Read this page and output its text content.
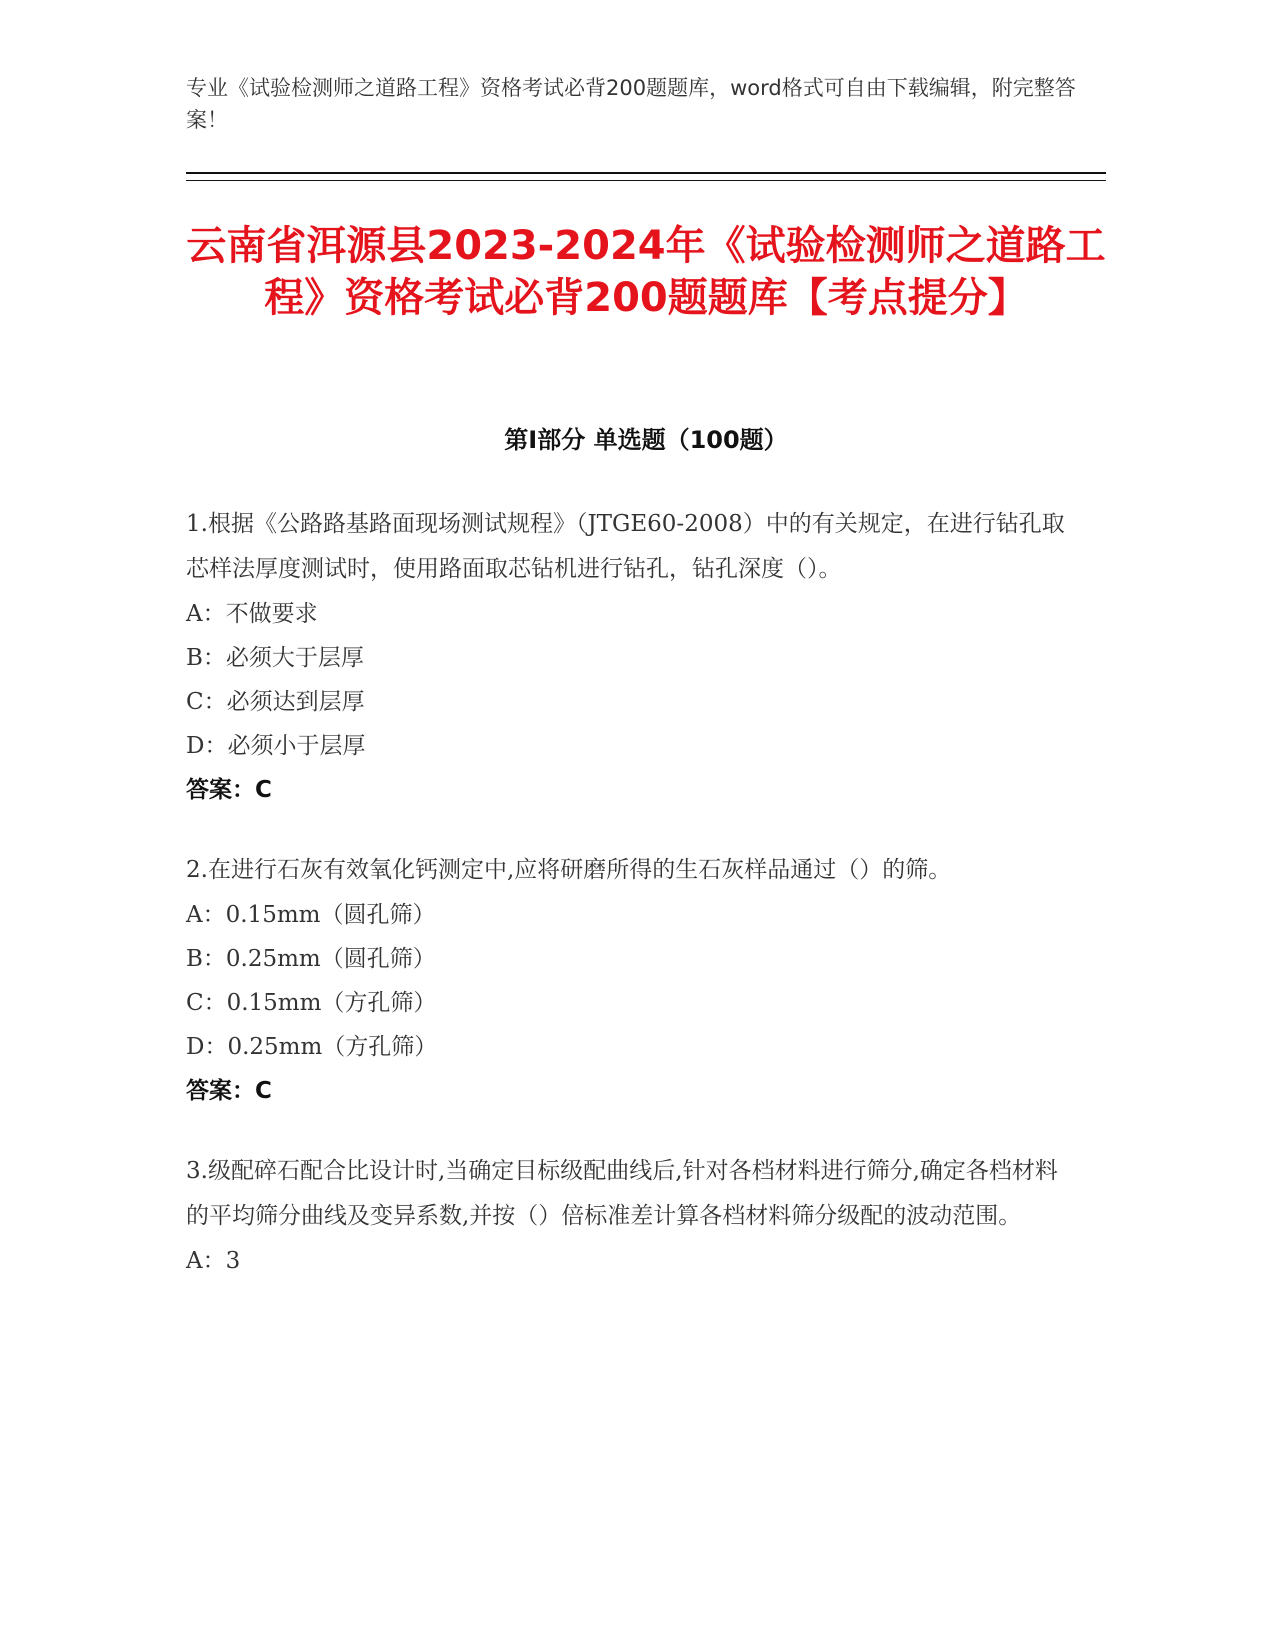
专业《试验检测师之道路工程》资格考试必背200题题库，word格式可自由下载编辑，附完整答案！
云南省洱源县2023-2024年《试验检测师之道路工程》资格考试必背200题题库【考点提分】
第I部分 单选题（100题）

1.根据《公路路基路面现场测试规程》（JTGE60-2008）中的有关规定，在进行钻孔取芯样法厚度测试时，使用路面取芯钻机进行钻孔，钻孔深度（）。

A：不做要求

B：必须大于层厚

C：必须达到层厚

D：必须小于层厚

答案：C

2.在进行石灰有效氧化钙测定中,应将研磨所得的生石灰样品通过（）的筛。

A：0.15mm（圆孔筛）

B：0.25mm（圆孔筛）

C：0.15mm（方孔筛）

D：0.25mm（方孔筛）

答案：C

3.级配碎石配合比设计时,当确定目标级配曲线后,针对各档材料进行筛分,确定各档材料的平均筛分曲线及变异系数,并按（）倍标准差计算各档材料筛分级配的波动范围。

A：3
